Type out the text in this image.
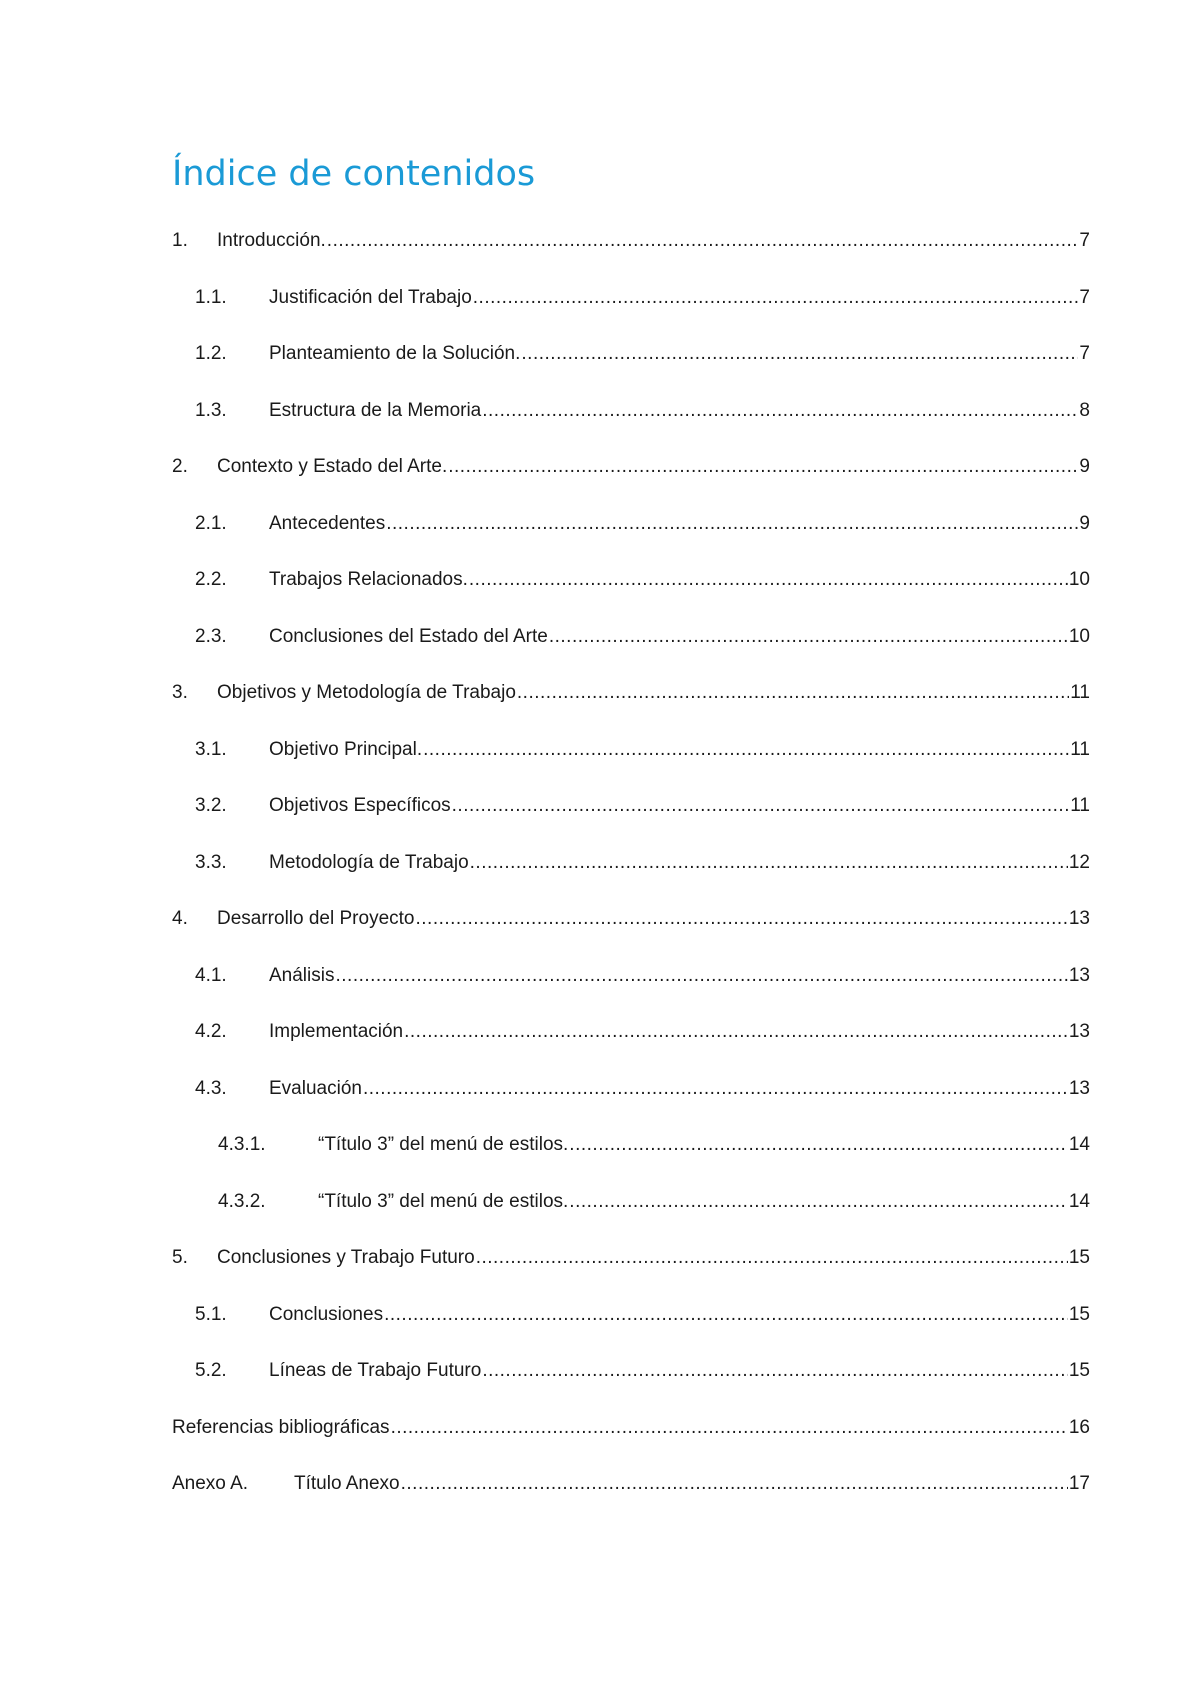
Índice de contenidos
1.	Introducción. .....	7
1.1.	Justificación del Trabajo .....	7
1.2.	Planteamiento de la Solución. .....	7
1.3.	Estructura de la Memoria .....	8
2.	Contexto y Estado del Arte. .....	9
2.1.	Antecedentes .....	9
2.2.	Trabajos Relacionados. .....	10
2.3.	Conclusiones del Estado del Arte .....	10
3.	Objetivos y Metodología de Trabajo .....	11
3.1.	Objetivo Principal. .....	11
3.2.	Objetivos Específicos .....	11
3.3.	Metodología de Trabajo .....	12
4.	Desarrollo del Proyecto .....	13
4.1.	Análisis .....	13
4.2.	Implementación .....	13
4.3.	Evaluación .....	13
4.3.1.	“Título 3” del menú de estilos. .....	14
4.3.2.	“Título 3” del menú de estilos. .....	14
5.	Conclusiones y Trabajo Futuro .....	15
5.1.	Conclusiones .....	15
5.2.	Líneas de Trabajo Futuro .....	15
Referencias bibliográficas .....	16
Anexo A.	Título Anexo .....	17
